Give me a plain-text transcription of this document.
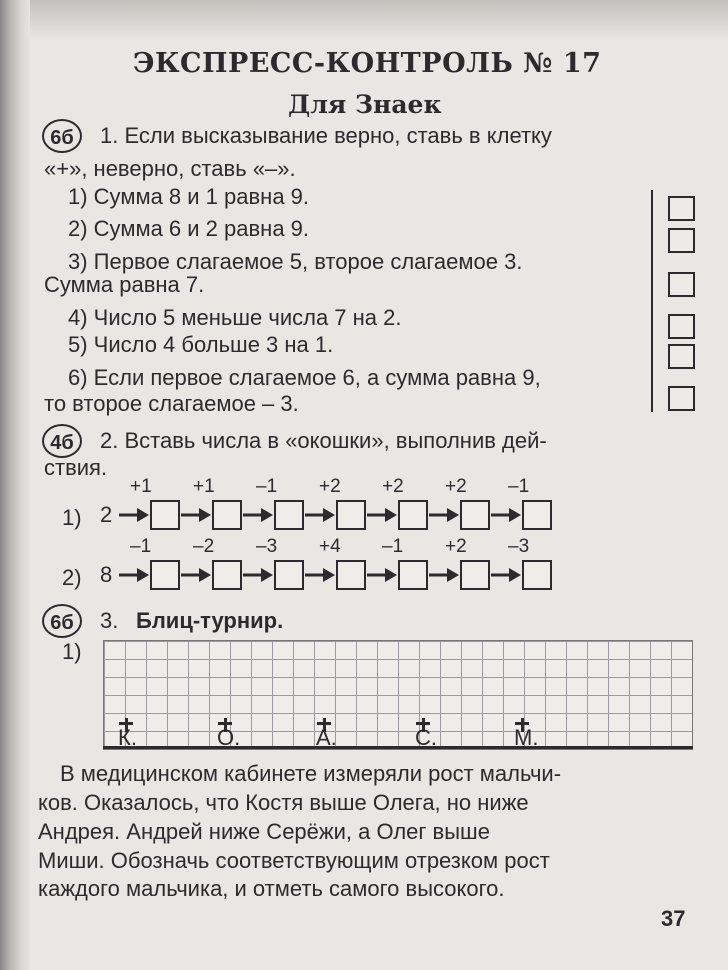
ЭКСПРЕСС-КОНТРОЛЬ № 17
Для Знаек
6б	1. Если высказывание верно, ставь в клетку
«+», неверно, ставь «–».
1) Сумма 8 и 1 равна 9.
2) Сумма 6 и 2 равна 9.
3) Первое слагаемое 5, второе слагаемое 3.
Сумма равна 7.
4) Число 5 меньше числа 7 на 2.
5) Число 4 больше 3 на 1.
6) Если первое слагаемое 6, а сумма равна 9,
то второе слагаемое – 3.
4б	2. Вставь числа в «окошки», выполнив дей-
ствия.
+1 +1 –1 +2 +2 +2 –1
1) 2
–1 –2 –3 +4 –1 +2 –3
2) 8
6б	3. Блиц-турнир.
1)
К.	О.	А.	С.	М.
В медицинском кабинете измеряли рост мальчи-
ков. Оказалось, что Костя выше Олега, но ниже
Андрея. Андрей ниже Серёжи, а Олег выше
Миши. Обозначь соответствующим отрезком рост
каждого мальчика, и отметь самого высокого.
37
